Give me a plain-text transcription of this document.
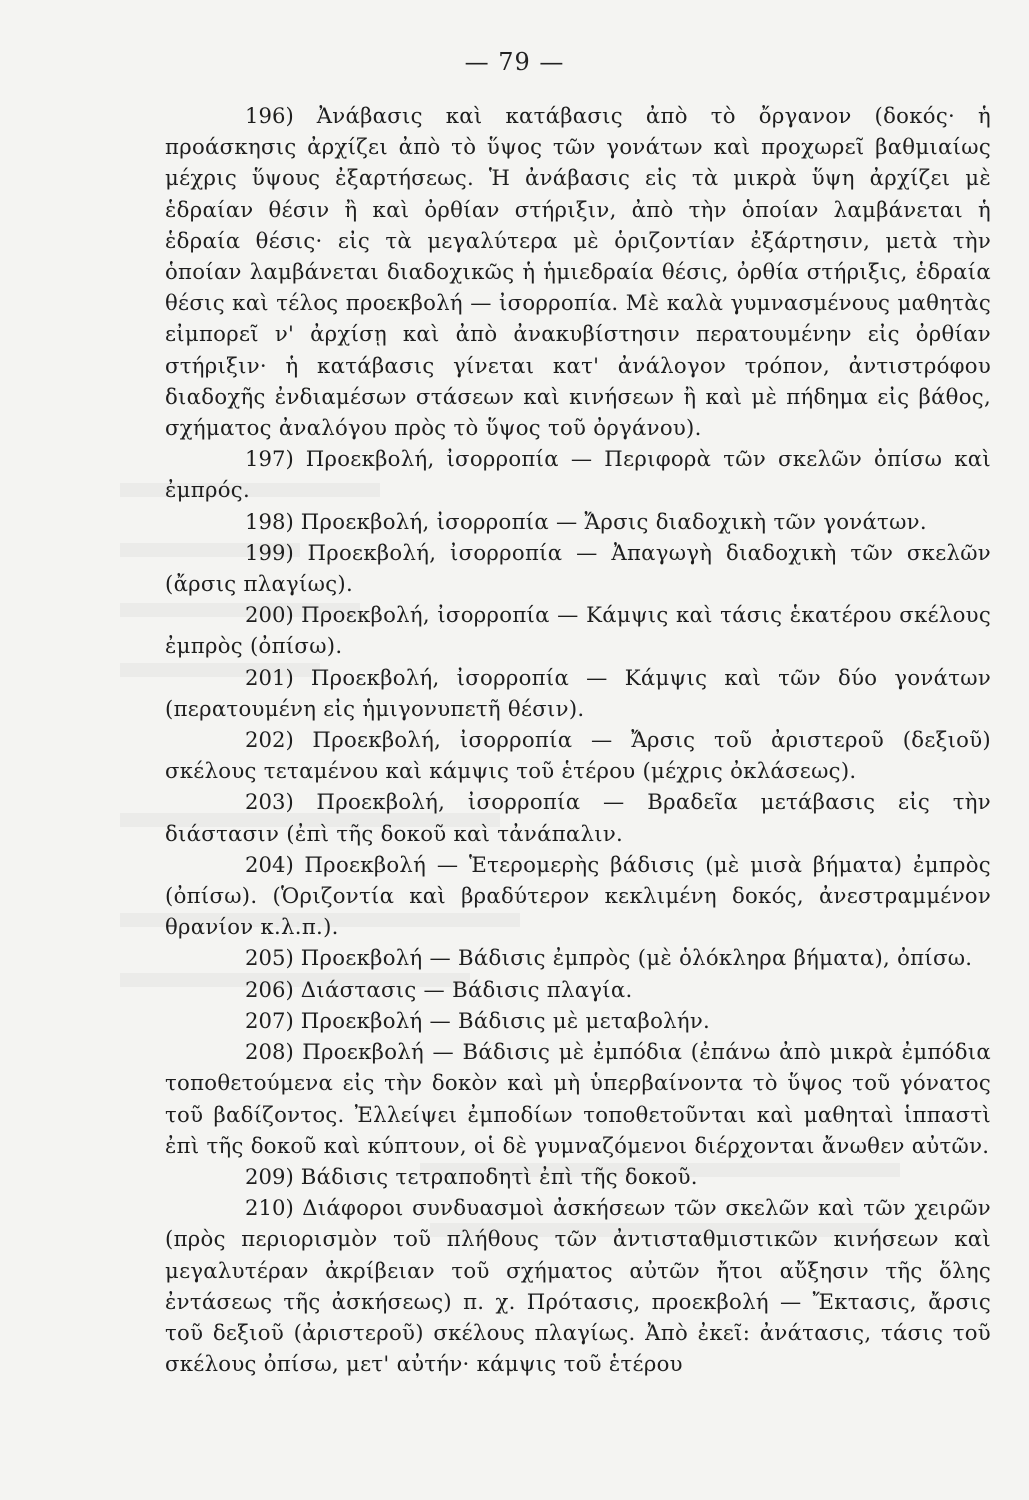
— 79 —

196) Ἀνάβασις καὶ κατάβασις ἀπὸ τὸ ὄργανον (δοκός· ἡ προάσκησις ἀρχίζει ἀπὸ τὸ ὕψος τῶν γονάτων καὶ προχωρεῖ βαθμιαίως μέχρις ὕψους ἐξαρτήσεως. Ἡ ἀνάβασις εἰς τὰ μικρὰ ὕψη ἀρχίζει μὲ ἑδραίαν θέσιν ἢ καὶ ὀρθίαν στήριξιν, ἀπὸ τὴν ὁποίαν λαμβάνεται ἡ ἑδραία θέσις· εἰς τὰ μεγαλύτερα μὲ ὁριζοντίαν ἐξάρτησιν, μετὰ τὴν ὁποίαν λαμβάνεται διαδοχικῶς ἡ ἡμιεδραία θέσις, ὀρθία στήριξις, ἑδραία θέσις καὶ τέλος προεκβολή — ἰσορροπία. Μὲ καλὰ γυμνασμένους μαθητὰς εἰμπορεῖ ν' ἀρχίσῃ καὶ ἀπὸ ἀνακυβίστησιν περατουμένην εἰς ὀρθίαν στήριξιν· ἡ κατάβασις γίνεται κατ' ἀνάλογον τρόπον, ἀντιστρόφου διαδοχῆς ἐνδιαμέσων στάσεων καὶ κινήσεων ἢ καὶ μὲ πήδημα εἰς βάθος, σχήματος ἀναλόγου πρὸς τὸ ὕψος τοῦ ὀργάνου).

197) Προεκβολή, ἰσορροπία — Περιφορὰ τῶν σκελῶν ὀπίσω καὶ ἐμπρός.

198) Προεκβολή, ἰσορροπία — Ἄρσις διαδοχικὴ τῶν γονάτων.

199) Προεκβολή, ἰσορροπία — Ἀπαγωγὴ διαδοχικὴ τῶν σκελῶν (ἄρσις πλαγίως).

200) Προεκβολή, ἰσορροπία — Κάμψις καὶ τάσις ἑκατέρου σκέλους ἐμπρὸς (ὀπίσω).

201) Προεκβολή, ἰσορροπία — Κάμψις καὶ τῶν δύο γονάτων (περατουμένη εἰς ἡμιγονυπετῆ θέσιν).

202) Προεκβολή, ἰσορροπία — Ἄρσις τοῦ ἀριστεροῦ (δεξιοῦ) σκέλους τεταμένου καὶ κάμψις τοῦ ἑτέρου (μέχρις ὀκλάσεως).

203) Προεκβολή, ἰσορροπία — Βραδεῖα μετάβασις εἰς τὴν διάστασιν (ἐπὶ τῆς δοκοῦ καὶ τἀνάπαλιν.

204) Προεκβολή — Ἑτερομερὴς βάδισις (μὲ μισὰ βήματα) ἐμπρὸς (ὀπίσω). (Ὁριζοντία καὶ βραδύτερον κεκλιμένη δοκός, ἀνεστραμμένον θρανίον κ.λ.π.).

205) Προεκβολή — Βάδισις ἐμπρὸς (μὲ ὁλόκληρα βήματα), ὀπίσω.

206) Διάστασις — Βάδισις πλαγία.

207) Προεκβολή — Βάδισις μὲ μεταβολήν.

208) Προεκβολή — Βάδισις μὲ ἐμπόδια (ἐπάνω ἀπὸ μικρὰ ἐμπόδια τοποθετούμενα εἰς τὴν δοκὸν καὶ μὴ ὑπερβαίνοντα τὸ ὕψος τοῦ γόνατος τοῦ βαδίζοντος. Ἐλλείψει ἐμποδίων τοποθετοῦνται καὶ μαθηταὶ ἱππαστὶ ἐπὶ τῆς δοκοῦ καὶ κύπτουν, οἱ δὲ γυμναζόμενοι διέρχονται ἄνωθεν αὐτῶν.

209) Βάδισις τετραποδητὶ ἐπὶ τῆς δοκοῦ.

210) Διάφοροι συνδυασμοὶ ἀσκήσεων τῶν σκελῶν καὶ τῶν χειρῶν (πρὸς περιορισμὸν τοῦ πλήθους τῶν ἀντισταθμιστικῶν κινήσεων καὶ μεγαλυτέραν ἀκρίβειαν τοῦ σχήματος αὐτῶν ἤτοι αὔξησιν τῆς ὅλης ἐντάσεως τῆς ἀσκήσεως) π. χ. Πρότασις, προεκβολή — Ἔκτασις, ἄρσις τοῦ δεξιοῦ (ἀριστεροῦ) σκέλους πλαγίως. Ἀπὸ ἐκεῖ: ἀνάτασις, τάσις τοῦ σκέλους ὀπίσω, μετ' αὐτήν· κάμψις τοῦ ἑτέρου
